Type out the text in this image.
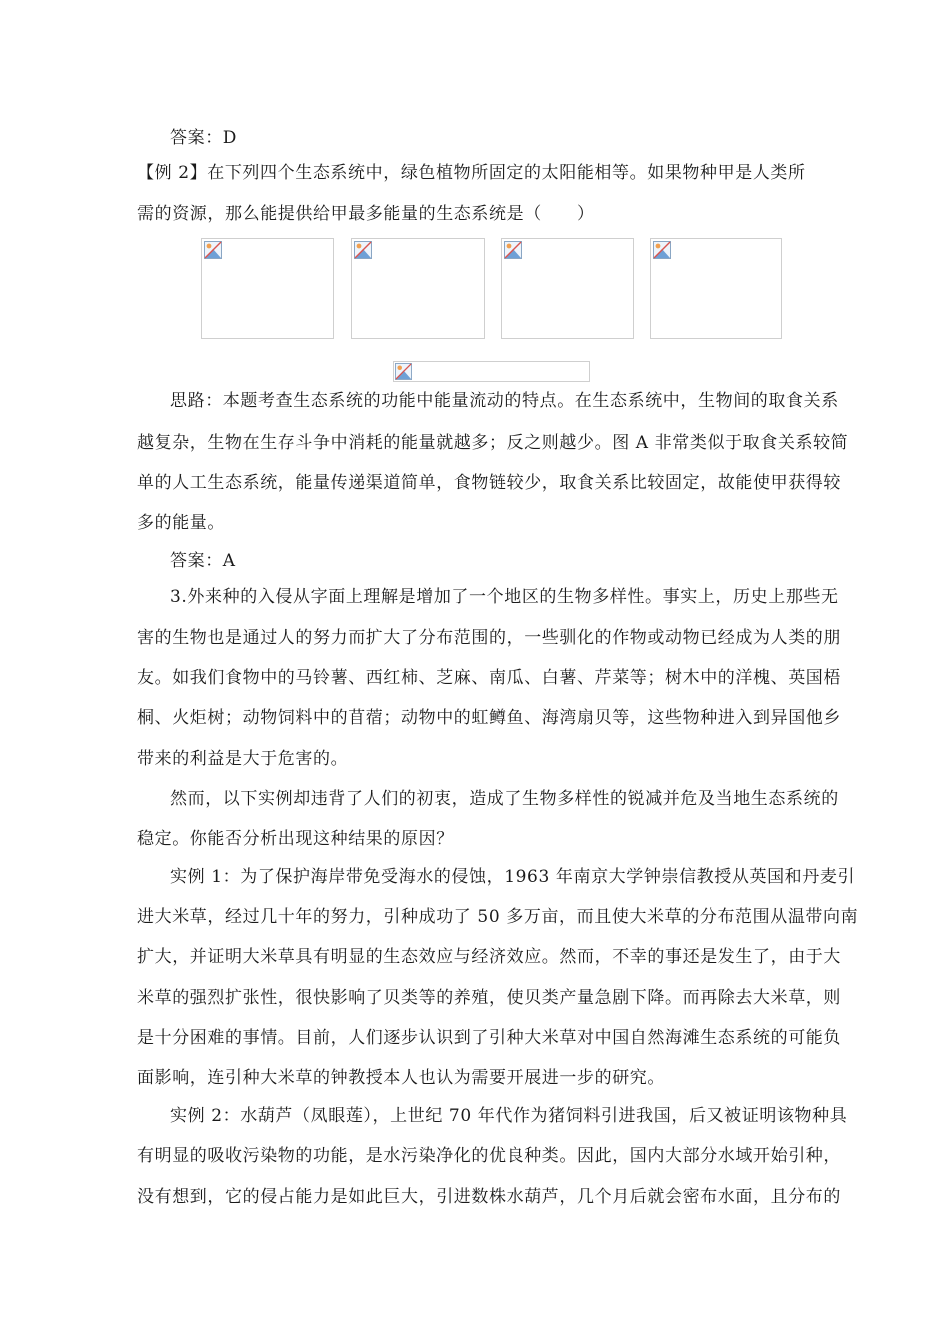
答案：D
【例 2】在下列四个生态系统中，绿色植物所固定的太阳能相等。如果物种甲是人类所
需的资源，那么能提供给甲最多能量的生态系统是（　　）
思路：本题考查生态系统的功能中能量流动的特点。在生态系统中，生物间的取食关系
越复杂，生物在生存斗争中消耗的能量就越多；反之则越少。图 A 非常类似于取食关系较简
单的人工生态系统，能量传递渠道简单，食物链较少，取食关系比较固定，故能使甲获得较
多的能量。
答案：A
3.外来种的入侵从字面上理解是增加了一个地区的生物多样性。事实上，历史上那些无
害的生物也是通过人的努力而扩大了分布范围的，一些驯化的作物或动物已经成为人类的朋
友。如我们食物中的马铃薯、西红柿、芝麻、南瓜、白薯、芹菜等；树木中的洋槐、英国梧
桐、火炬树；动物饲料中的苜蓿；动物中的虹鳟鱼、海湾扇贝等，这些物种进入到异国他乡
带来的利益是大于危害的。
然而，以下实例却违背了人们的初衷，造成了生物多样性的锐减并危及当地生态系统的
稳定。你能否分析出现这种结果的原因？
实例 1：为了保护海岸带免受海水的侵蚀，1963 年南京大学钟崇信教授从英国和丹麦引
进大米草，经过几十年的努力，引种成功了 50 多万亩，而且使大米草的分布范围从温带向南
扩大，并证明大米草具有明显的生态效应与经济效应。然而，不幸的事还是发生了，由于大
米草的强烈扩张性，很快影响了贝类等的养殖，使贝类产量急剧下降。而再除去大米草，则
是十分困难的事情。目前，人们逐步认识到了引种大米草对中国自然海滩生态系统的可能负
面影响，连引种大米草的钟教授本人也认为需要开展进一步的研究。
实例 2：水葫芦（凤眼莲），上世纪 70 年代作为猪饲料引进我国，后又被证明该物种具
有明显的吸收污染物的功能，是水污染净化的优良种类。因此，国内大部分水域开始引种，
没有想到，它的侵占能力是如此巨大，引进数株水葫芦，几个月后就会密布水面，且分布的
